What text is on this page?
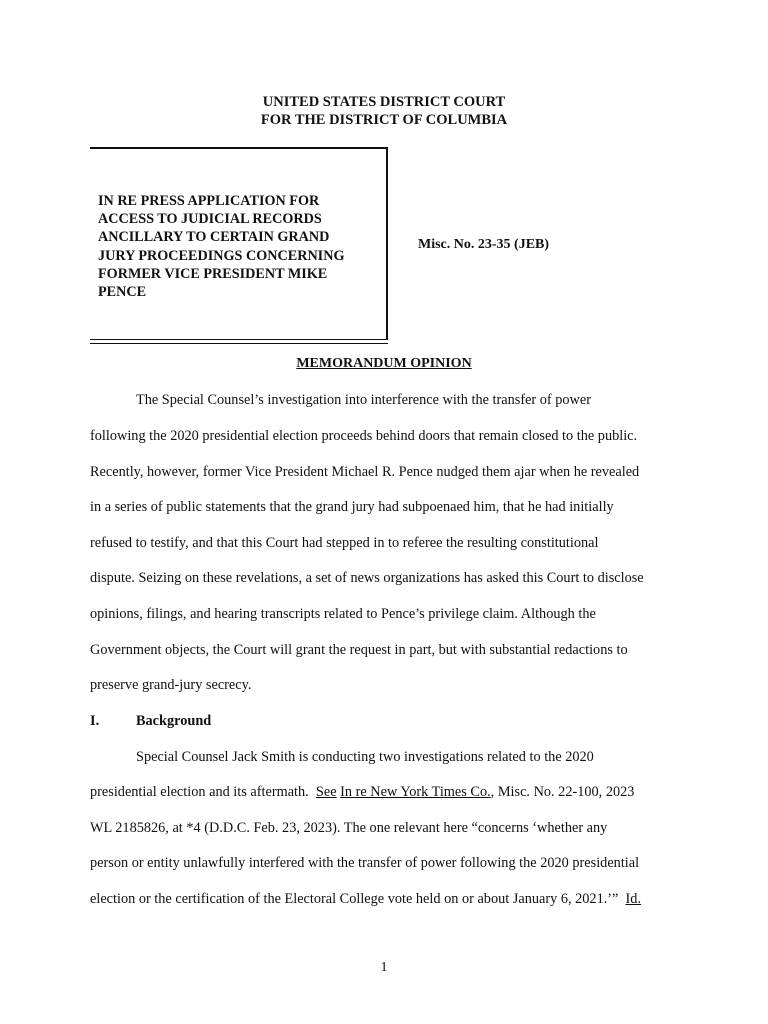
UNITED STATES DISTRICT COURT
FOR THE DISTRICT OF COLUMBIA
IN RE PRESS APPLICATION FOR
ACCESS TO JUDICIAL RECORDS
ANCILLARY TO CERTAIN GRAND
JURY PROCEEDINGS CONCERNING
FORMER VICE PRESIDENT MIKE
PENCE
Misc. No. 23-35 (JEB)
MEMORANDUM OPINION
The Special Counsel’s investigation into interference with the transfer of power
following the 2020 presidential election proceeds behind doors that remain closed to the public.
Recently, however, former Vice President Michael R. Pence nudged them ajar when he revealed
in a series of public statements that the grand jury had subpoenaed him, that he had initially
refused to testify, and that this Court had stepped in to referee the resulting constitutional
dispute. Seizing on these revelations, a set of news organizations has asked this Court to disclose
opinions, filings, and hearing transcripts related to Pence’s privilege claim. Although the
Government objects, the Court will grant the request in part, but with substantial redactions to
preserve grand-jury secrecy.
I.	Background
Special Counsel Jack Smith is conducting two investigations related to the 2020
presidential election and its aftermath.  See In re New York Times Co., Misc. No. 22-100, 2023
WL 2185826, at *4 (D.D.C. Feb. 23, 2023). The one relevant here “concerns ‘whether any
person or entity unlawfully interfered with the transfer of power following the 2020 presidential
election or the certification of the Electoral College vote held on or about January 6, 2021.’”  Id.
1
